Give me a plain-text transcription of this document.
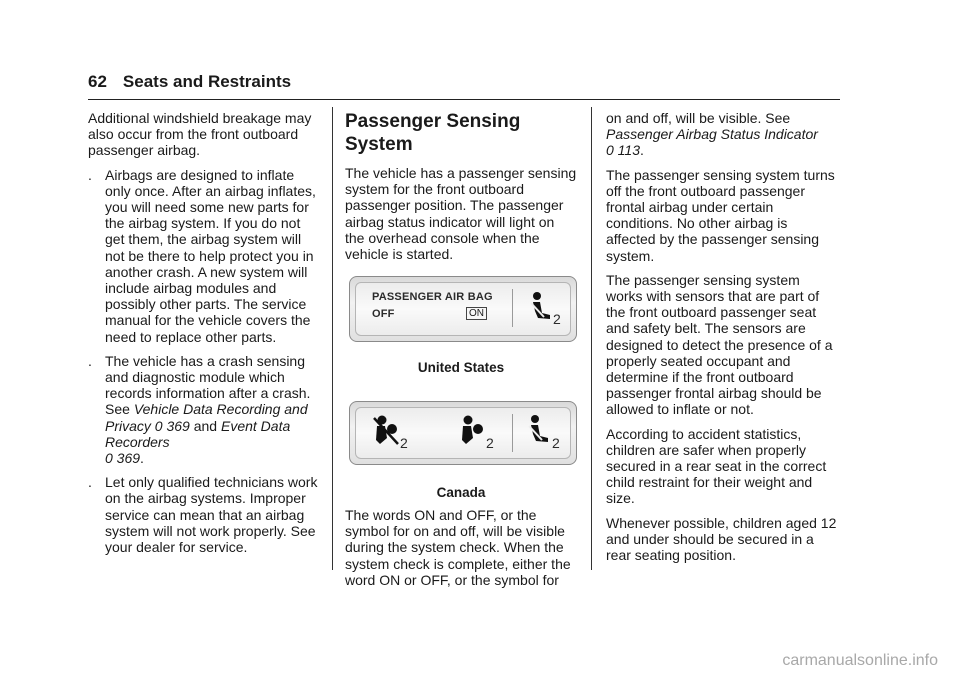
62 Seats and Restraints

Additional windshield breakage may also occur from the front outboard passenger airbag.

. Airbags are designed to inflate only once. After an airbag inflates, you will need some new parts for the airbag system. If you do not get them, the airbag system will not be there to help protect you in another crash. A new system will include airbag modules and possibly other parts. The service manual for the vehicle covers the need to replace other parts.
. The vehicle has a crash sensing and diagnostic module which records information after a crash. See Vehicle Data Recording and Privacy 0 369 and Event Data Recorders
0 369.
. Let only qualified technicians work on the airbag systems. Improper service can mean that an airbag system will not work properly. See your dealer for service.
Passenger Sensing System

The vehicle has a passenger sensing system for the front outboard passenger position. The passenger airbag status indicator will light on the overhead console when the vehicle is started.

PASSENGER AIR BAG
OFF	ON	2
United States
2	2	2
Canada

The words ON and OFF, or the symbol for on and off, will be visible during the system check. When the system check is complete, either the word ON or OFF, or the symbol for

on and off, will be visible. See Passenger Airbag Status Indicator
0 113.

The passenger sensing system turns off the front outboard passenger frontal airbag under certain conditions. No other airbag is affected by the passenger sensing system.

The passenger sensing system works with sensors that are part of the front outboard passenger seat and safety belt. The sensors are designed to detect the presence of a properly seated occupant and determine if the front outboard passenger frontal airbag should be allowed to inflate or not.

According to accident statistics, children are safer when properly secured in a rear seat in the correct child restraint for their weight and size.

Whenever possible, children aged 12 and under should be secured in a rear seating position.

carmanualsonline.info
